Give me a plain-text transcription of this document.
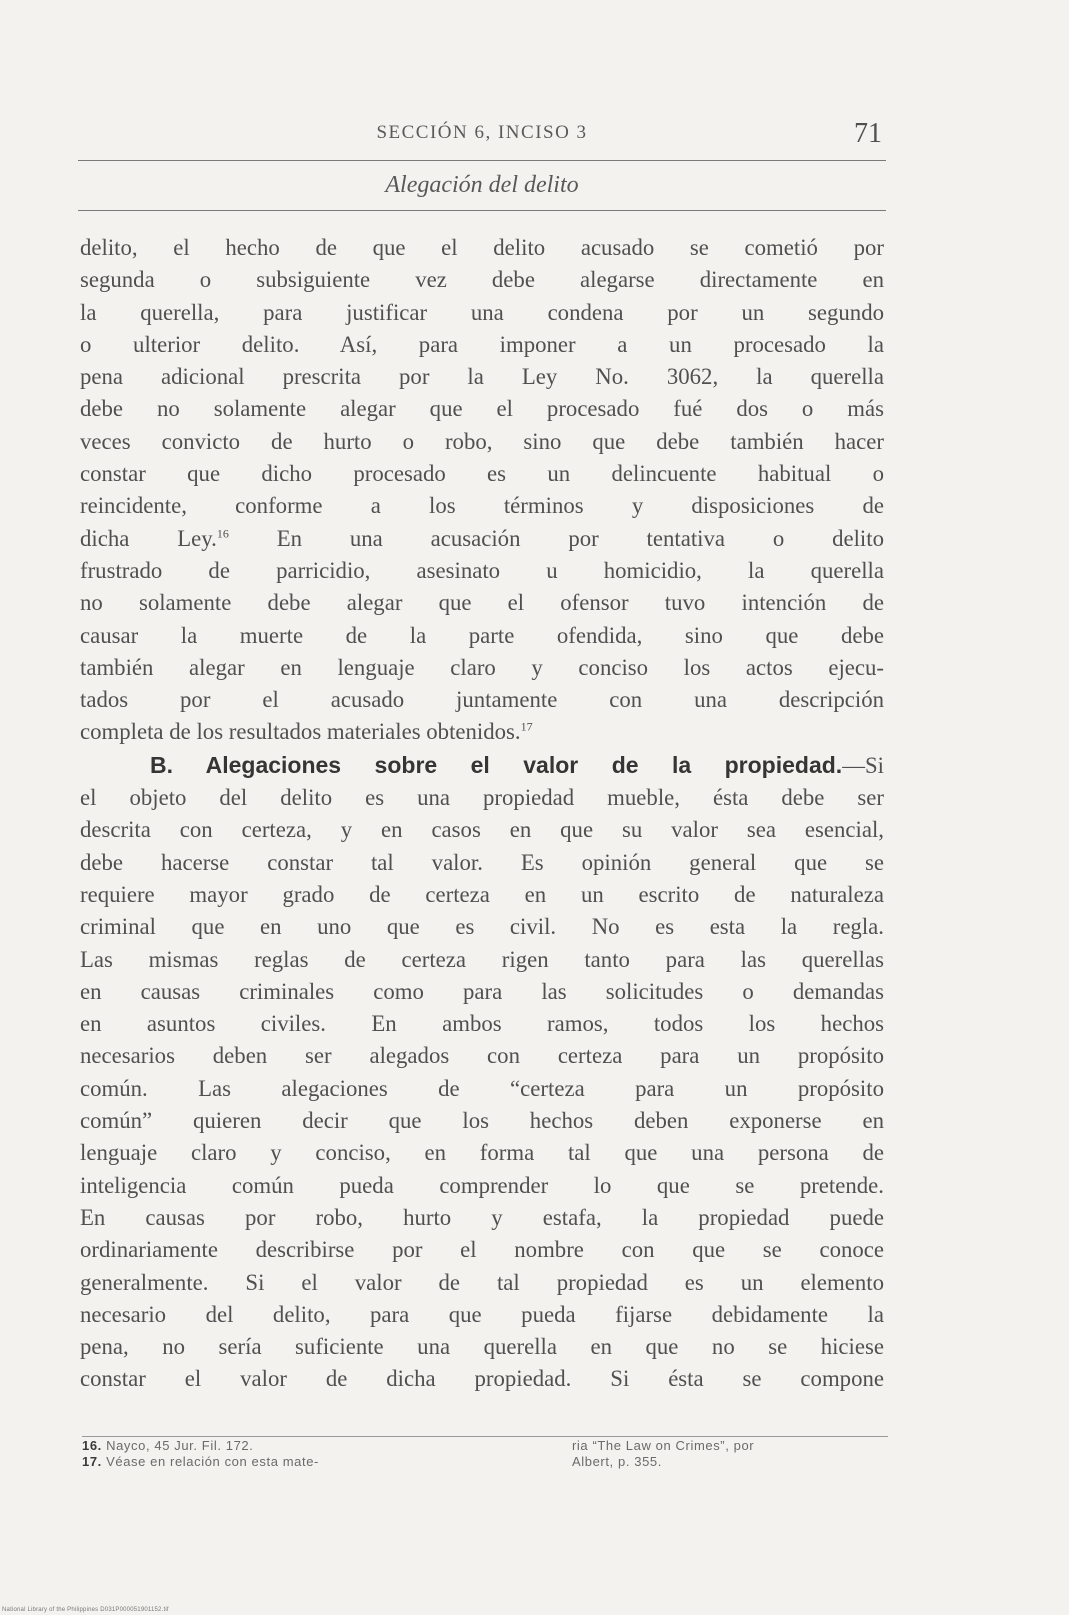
SECCIÓN 6, INCISO 3	71
Alegación del delito

delito, el hecho de que el delito acusado se cometió por

segunda o subsiguiente vez debe alegarse directamente en

la querella, para justificar una condena por un segundo

o ulterior delito. Así, para imponer a un procesado la

pena adicional prescrita por la Ley No. 3062, la querella

debe no solamente alegar que el procesado fué dos o más

veces convicto de hurto o robo, sino que debe también hacer

constar que dicho procesado es un delincuente habitual o

reincidente, conforme a los términos y disposiciones de

dicha Ley.$^{16}$ En una acusación por tentativa o delito

frustrado de parricidio, asesinato u homicidio, la querella

no solamente debe alegar que el ofensor tuvo intención de

causar la muerte de la parte ofendida, sino que debe

también alegar en lenguaje claro y conciso los actos ejecu-

tados por el acusado juntamente con una descripción

completa de los resultados materiales obtenidos.$^{17}$

B. Alegaciones sobre el valor de la propiedad.—Si

el objeto del delito es una propiedad mueble, ésta debe ser

descrita con certeza, y en casos en que su valor sea esencial,

debe hacerse constar tal valor. Es opinión general que se

requiere mayor grado de certeza en un escrito de naturaleza

criminal que en uno que es civil. No es esta la regla.

Las mismas reglas de certeza rigen tanto para las querellas

en causas criminales como para las solicitudes o demandas

en asuntos civiles. En ambos ramos, todos los hechos

necesarios deben ser alegados con certeza para un propósito

común. Las alegaciones de “certeza para un propósito

común” quieren decir que los hechos deben exponerse en

lenguaje claro y conciso, en forma tal que una persona de

inteligencia común pueda comprender lo que se pretende.

En causas por robo, hurto y estafa, la propiedad puede

ordinariamente describirse por el nombre con que se conoce

generalmente. Si el valor de tal propiedad es un elemento

necesario del delito, para que pueda fijarse debidamente la

pena, no sería suficiente una querella en que no se hiciese

constar el valor de dicha propiedad. Si ésta se compone

16. Nayco, 45 Jur. Fil. 172.
17. Véase en relación con esta mate-
ria “The Law on Crimes”, por
Albert, p. 355.
National Library of the Philippines D031P000051901152.tif
